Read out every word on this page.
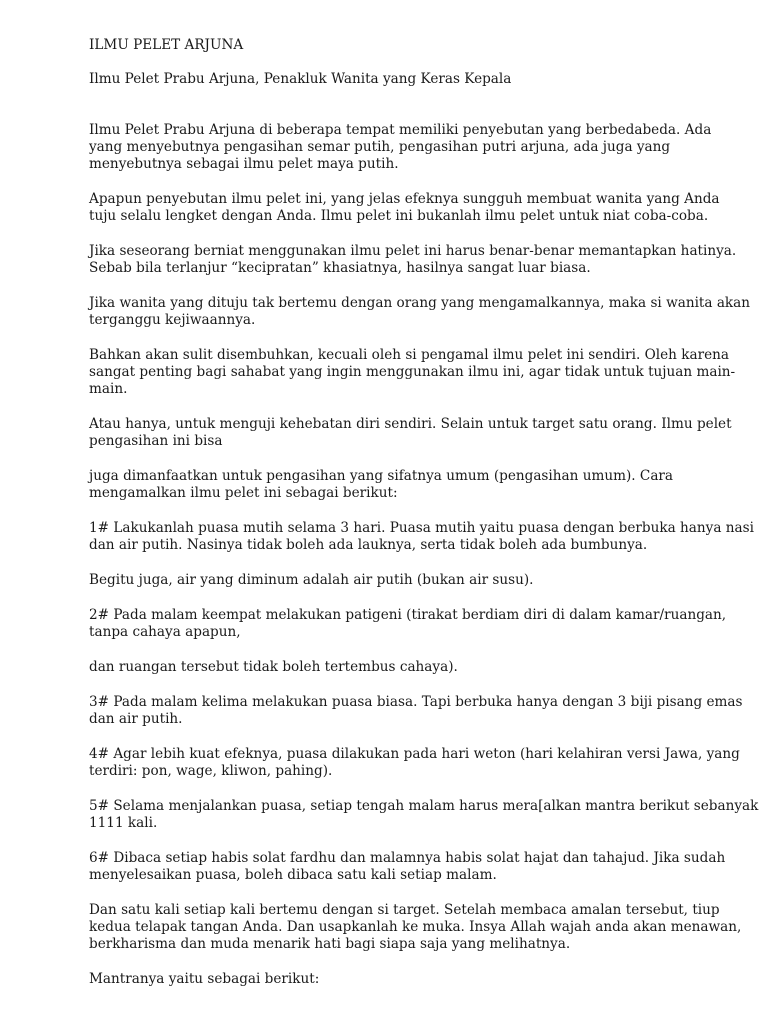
ILMU PELET ARJUNA
Ilmu Pelet Prabu Arjuna, Penakluk Wanita yang Keras Kepala
Ilmu Pelet Prabu Arjuna di beberapa tempat memiliki penyebutan yang berbedabeda. Ada
yang menyebutnya pengasihan semar putih, pengasihan putri arjuna, ada juga yang
menyebutnya sebagai ilmu pelet maya putih.
Apapun penyebutan ilmu pelet ini, yang jelas efeknya sungguh membuat wanita yang Anda
tuju selalu lengket dengan Anda. Ilmu pelet ini bukanlah ilmu pelet untuk niat coba-coba.
Jika seseorang berniat menggunakan ilmu pelet ini harus benar-benar memantapkan hatinya.
Sebab bila terlanjur “kecipratan” khasiatnya, hasilnya sangat luar biasa.
Jika wanita yang dituju tak bertemu dengan orang yang mengamalkannya, maka si wanita akan
terganggu kejiwaannya.
Bahkan akan sulit disembuhkan, kecuali oleh si pengamal ilmu pelet ini sendiri. Oleh karena
sangat penting bagi sahabat yang ingin menggunakan ilmu ini, agar tidak untuk tujuan main-
main.
Atau hanya, untuk menguji kehebatan diri sendiri. Selain untuk target satu orang. Ilmu pelet
pengasihan ini bisa
juga dimanfaatkan untuk pengasihan yang sifatnya umum (pengasihan umum). Cara
mengamalkan ilmu pelet ini sebagai berikut:
1# Lakukanlah puasa mutih selama 3 hari. Puasa mutih yaitu puasa dengan berbuka hanya nasi
dan air putih. Nasinya tidak boleh ada lauknya, serta tidak boleh ada bumbunya.
Begitu juga, air yang diminum adalah air putih (bukan air susu).
2# Pada malam keempat melakukan patigeni (tirakat berdiam diri di dalam kamar/ruangan,
tanpa cahaya apapun,
dan ruangan tersebut tidak boleh tertembus cahaya).
3# Pada malam kelima melakukan puasa biasa. Tapi berbuka hanya dengan 3 biji pisang emas
dan air putih.
4# Agar lebih kuat efeknya, puasa dilakukan pada hari weton (hari kelahiran versi Jawa, yang
terdiri: pon, wage, kliwon, pahing).
5# Selama menjalankan puasa, setiap tengah malam harus mera[alkan mantra berikut sebanyak
1111 kali.
6# Dibaca setiap habis solat fardhu dan malamnya habis solat hajat dan tahajud. Jika sudah
menyelesaikan puasa, boleh dibaca satu kali setiap malam.
Dan satu kali setiap kali bertemu dengan si target. Setelah membaca amalan tersebut, tiup
kedua telapak tangan Anda. Dan usapkanlah ke muka. Insya Allah wajah anda akan menawan,
berkharisma dan muda menarik hati bagi siapa saja yang melihatnya.
Mantranya yaitu sebagai berikut:
